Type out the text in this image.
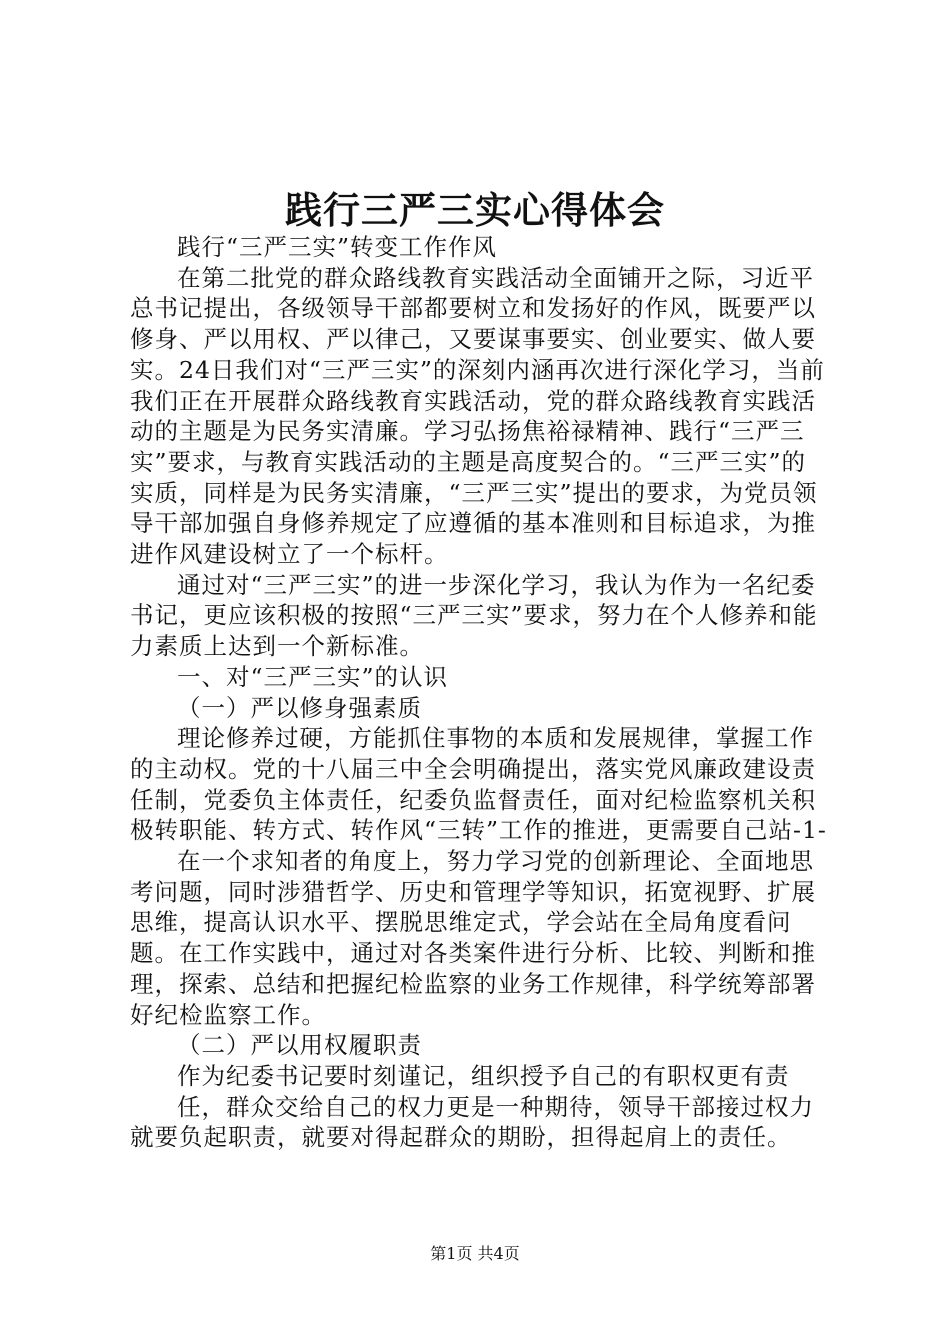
践行三严三实心得体会

践行“三严三实”转变工作作风

在第二批党的群众路线教育实践活动全面铺开之际，习近平总书记提出，各级领导干部都要树立和发扬好的作风，既要严以修身、严以用权、严以律己，又要谋事要实、创业要实、做人要实。24日我们对“三严三实”的深刻内涵再次进行深化学习，当前我们正在开展群众路线教育实践活动，党的群众路线教育实践活动的主题是为民务实清廉。学习弘扬焦裕禄精神、践行“三严三实”要求，与教育实践活动的主题是高度契合的。“三严三实”的实质，同样是为民务实清廉，“三严三实”提出的要求，为党员领导干部加强自身修养规定了应遵循的基本准则和目标追求，为推进作风建设树立了一个标杆。

通过对“三严三实”的进一步深化学习，我认为作为一名纪委书记，更应该积极的按照“三严三实”要求，努力在个人修养和能力素质上达到一个新标准。

一、对“三严三实”的认识

（一）严以修身强素质

理论修养过硬，方能抓住事物的本质和发展规律，掌握工作的主动权。党的十八届三中全会明确提出，落实党风廉政建设责任制，党委负主体责任，纪委负监督责任，面对纪检监察机关积极转职能、转方式、转作风“三转”工作的推进，更需要自己站-1-

在一个求知者的角度上，努力学习党的创新理论、全面地思考问题，同时涉猎哲学、历史和管理学等知识，拓宽视野、扩展思维，提高认识水平、摆脱思维定式，学会站在全局角度看问题。在工作实践中，通过对各类案件进行分析、比较、判断和推理，探索、总结和把握纪检监察的业务工作规律，科学统筹部署好纪检监察工作。

（二）严以用权履职责

作为纪委书记要时刻谨记，组织授予自己的有职权更有责

任，群众交给自己的权力更是一种期待，领导干部接过权力就要负起职责，就要对得起群众的期盼，担得起肩上的责任。

第1页 共4页
